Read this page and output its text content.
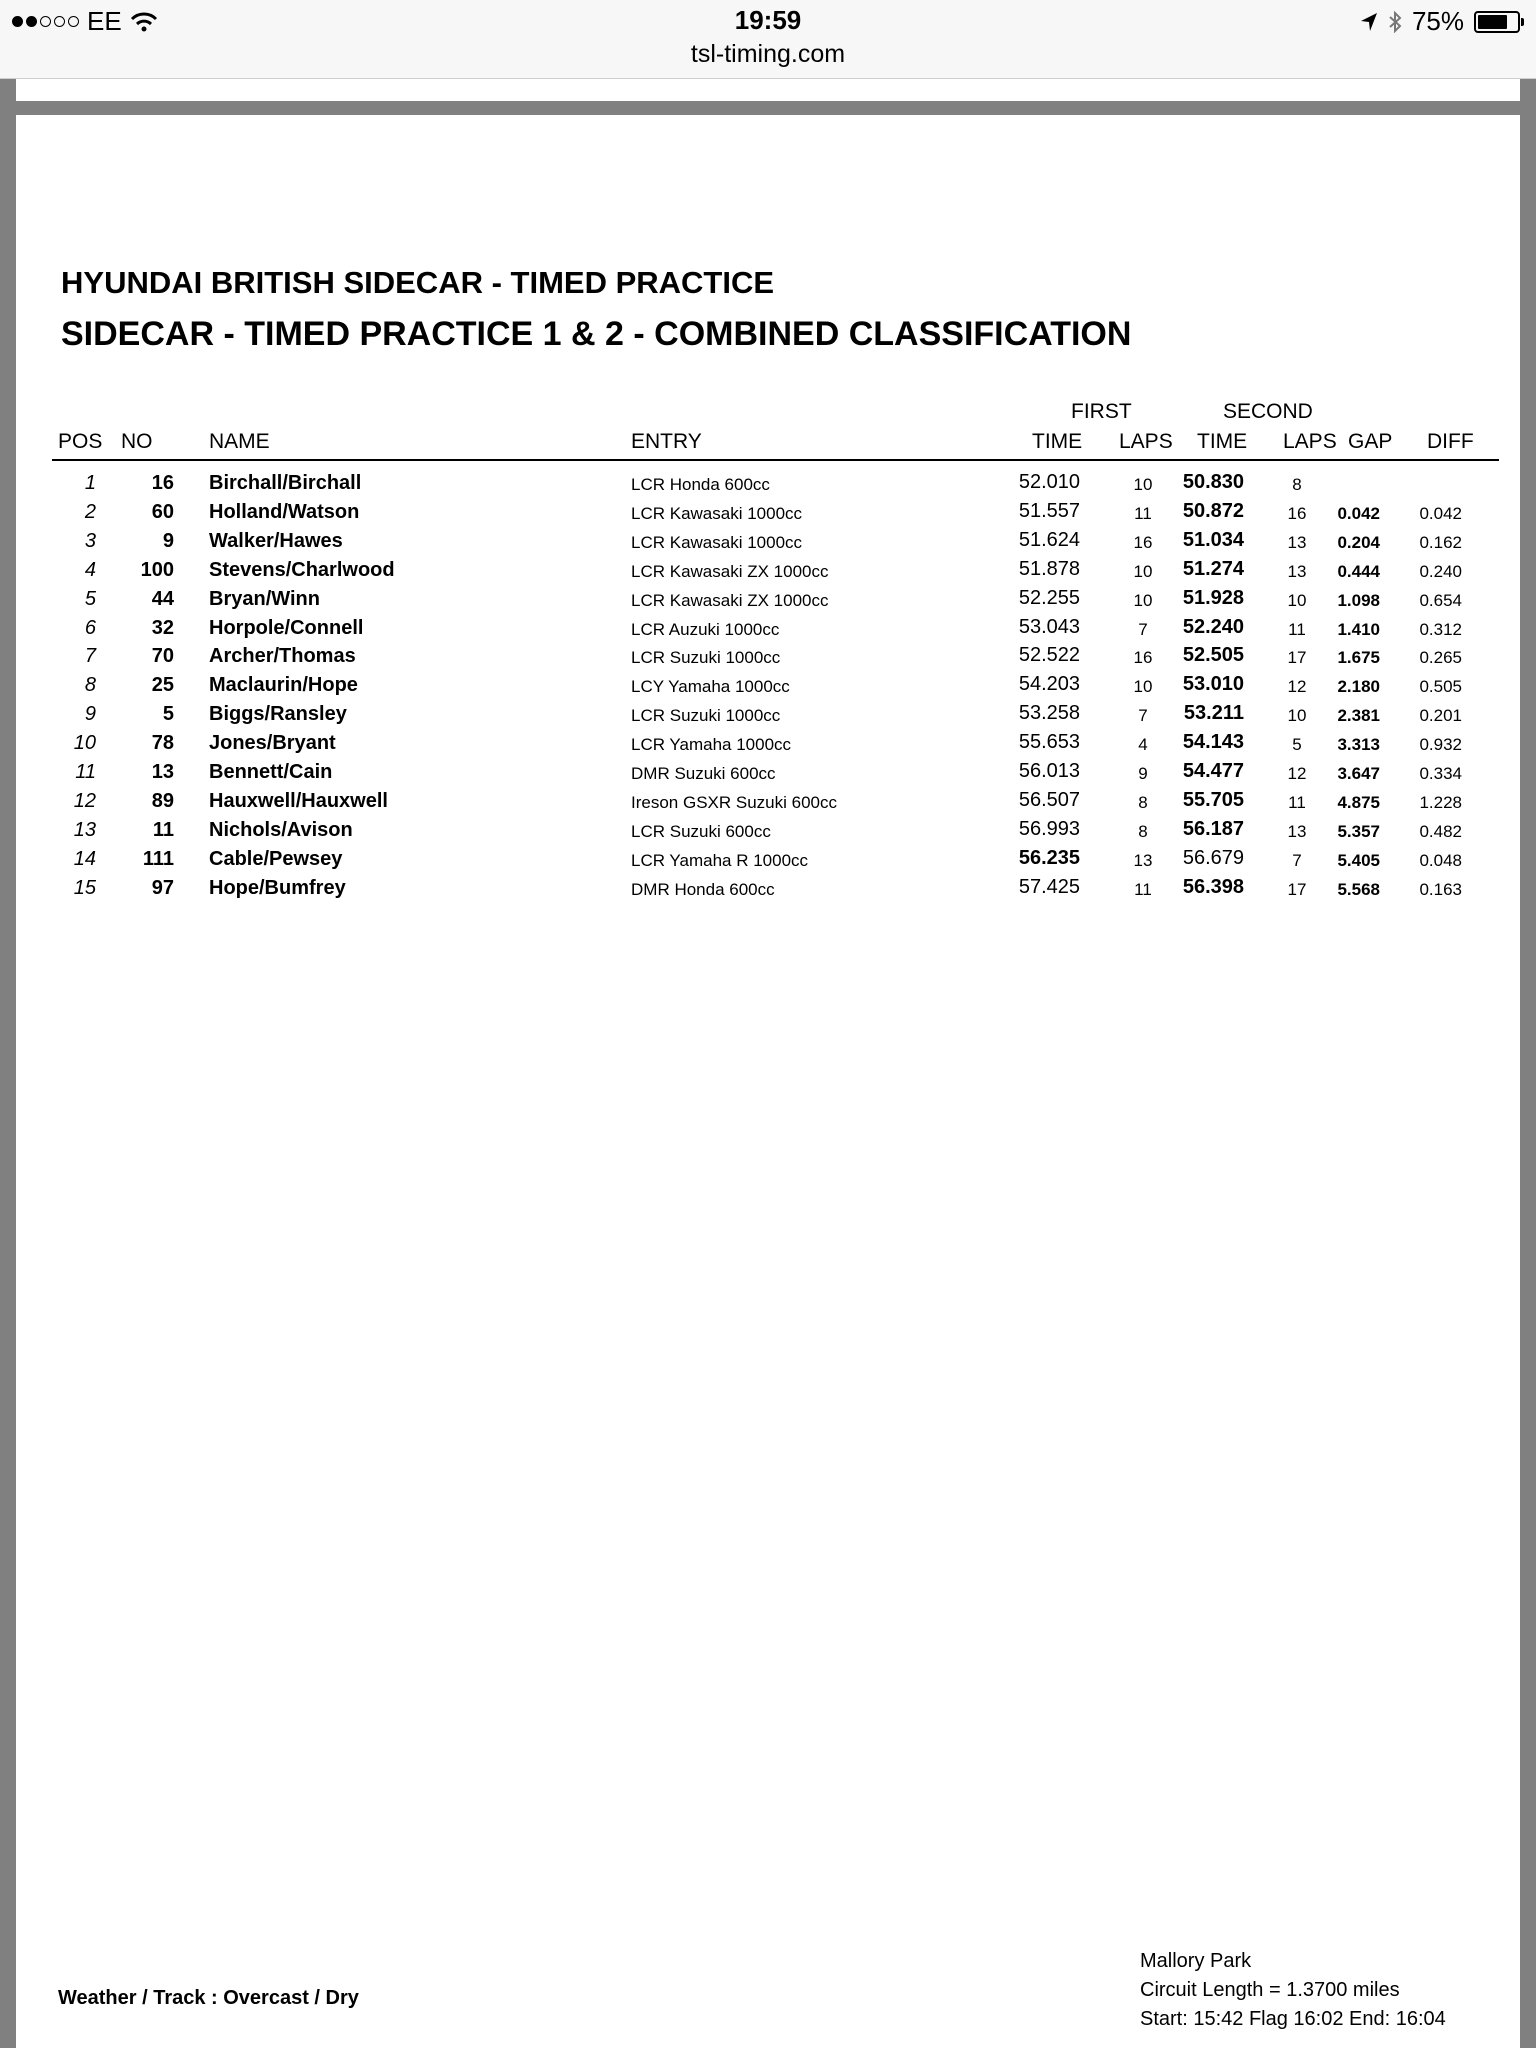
EE	19:59
tsl-timing.com
75%
HYUNDAI BRITISH SIDECAR - TIMED PRACTICE
SIDECAR - TIMED PRACTICE 1 & 2 - COMBINED CLASSIFICATION
FIRST	SECOND
POS NO	NAME	ENTRY	TIME LAPS TIME LAPS GAP DIFF
1	16 Birchall/Birchall	LCR Honda 600cc	52.010	10	50.830	8
2	60 Holland/Watson	LCR Kawasaki 1000cc	51.557	11	50.872	16	0.042	0.042
3	9 Walker/Hawes	LCR Kawasaki 1000cc	51.624	16	51.034	13	0.204	0.162
4	100 Stevens/Charlwood	LCR Kawasaki ZX 1000cc	51.878	10	51.274	13	0.444	0.240
5	44 Bryan/Winn	LCR Kawasaki ZX 1000cc	52.255	10	51.928	10	1.098	0.654
6	32 Horpole/Connell	LCR Auzuki 1000cc	53.043	7	52.240	11	1.410	0.312
7	70 Archer/Thomas	LCR Suzuki 1000cc	52.522	16	52.505	17	1.675	0.265
8	25 Maclaurin/Hope	LCY Yamaha 1000cc	54.203	10	53.010	12	2.180	0.505
9	5 Biggs/Ransley	LCR Suzuki 1000cc	53.258	7	53.211	10	2.381	0.201
10	78 Jones/Bryant	LCR Yamaha 1000cc	55.653	4	54.143	5	3.313	0.932
11	13 Bennett/Cain	DMR Suzuki 600cc	56.013	9	54.477	12	3.647	0.334
12	89 Hauxwell/Hauxwell	Ireson GSXR Suzuki 600cc	56.507	8	55.705	11	4.875	1.228
13	11 Nichols/Avison	LCR Suzuki 600cc	56.993	8	56.187	13	5.357	0.482
14	111 Cable/Pewsey	LCR Yamaha R 1000cc	56.235	13	56.679	7	5.405	0.048
15	97 Hope/Bumfrey	DMR Honda 600cc	57.425	11	56.398	17	5.568	0.163
Weather / Track : Overcast / Dry
Mallory Park
Circuit Length = 1.3700 miles
Start: 15:42 Flag 16:02 End: 16:04
